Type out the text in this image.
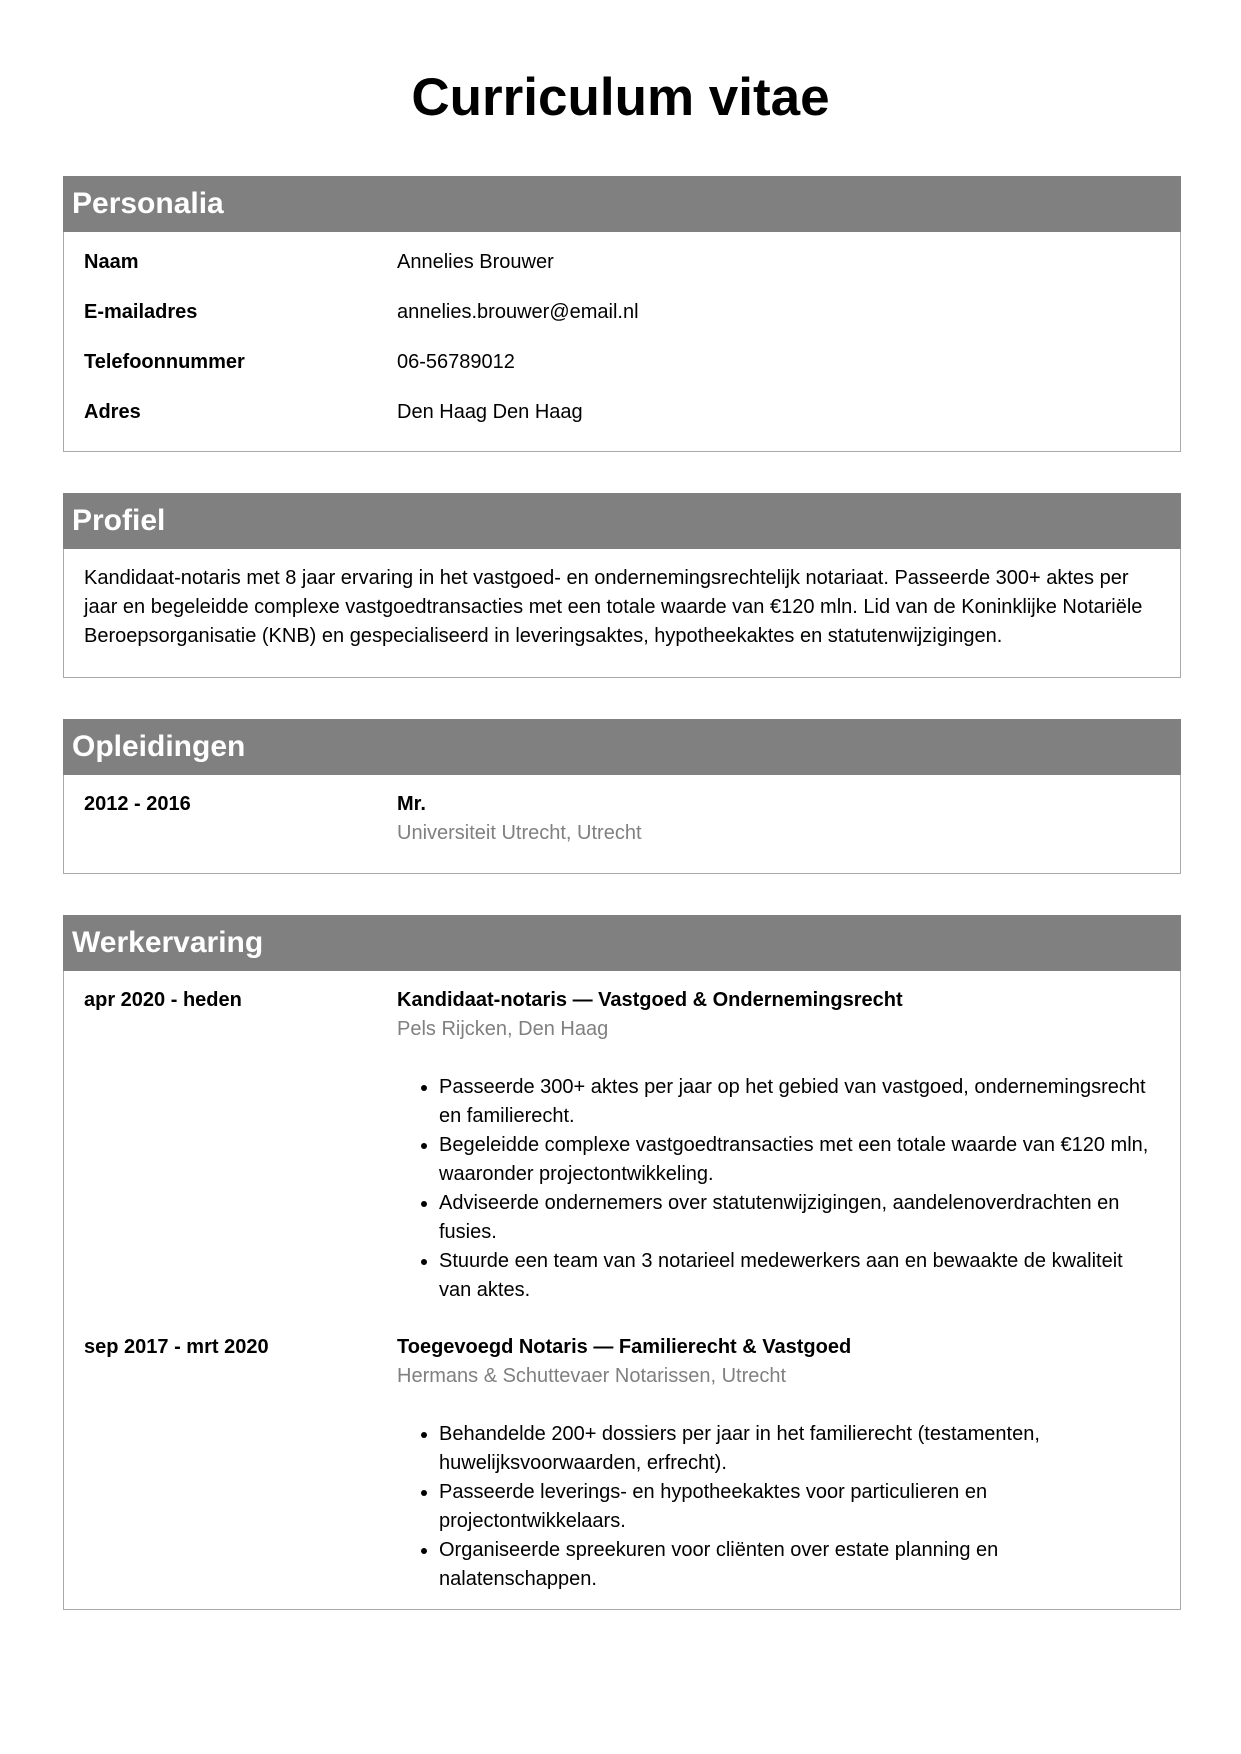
Curriculum vitae
Personalia
Naam	Annelies Brouwer
E-mailadres	annelies.brouwer@email.nl
Telefoonnummer	06-56789012
Adres	Den Haag Den Haag
Profiel

Kandidaat-notaris met 8 jaar ervaring in het vastgoed- en ondernemingsrechtelijk notariaat. Passeerde 300+ aktes per jaar en begeleidde complexe vastgoedtransacties met een totale waarde van €120 mln. Lid van de Koninklijke Notariële Beroepsorganisatie (KNB) en gespecialiseerd in leveringsaktes, hypotheekaktes en statutenwijzigingen.

Opleidingen
2012 - 2016	Mr.
Universiteit Utrecht, Utrecht
Werkervaring
apr 2020 - heden	Kandidaat-notaris — Vastgoed & Ondernemingsrecht
Pels Rijcken, Den Haag
• Passeerde 300+ aktes per jaar op het gebied van vastgoed, ondernemingsrecht en familierecht.
• Begeleidde complexe vastgoedtransacties met een totale waarde van €120 mln, waaronder projectontwikkeling.
• Adviseerde ondernemers over statutenwijzigingen, aandelenoverdrachten en fusies.
• Stuurde een team van 3 notarieel medewerkers aan en bewaakte de kwaliteit van aktes.
sep 2017 - mrt 2020	Toegevoegd Notaris — Familierecht & Vastgoed
Hermans & Schuttevaer Notarissen, Utrecht
• Behandelde 200+ dossiers per jaar in het familierecht (testamenten, huwelijksvoorwaarden, erfrecht).
• Passeerde leverings- en hypotheekaktes voor particulieren en projectontwikkelaars.
• Organiseerde spreekuren voor cliënten over estate planning en nalatenschappen.
